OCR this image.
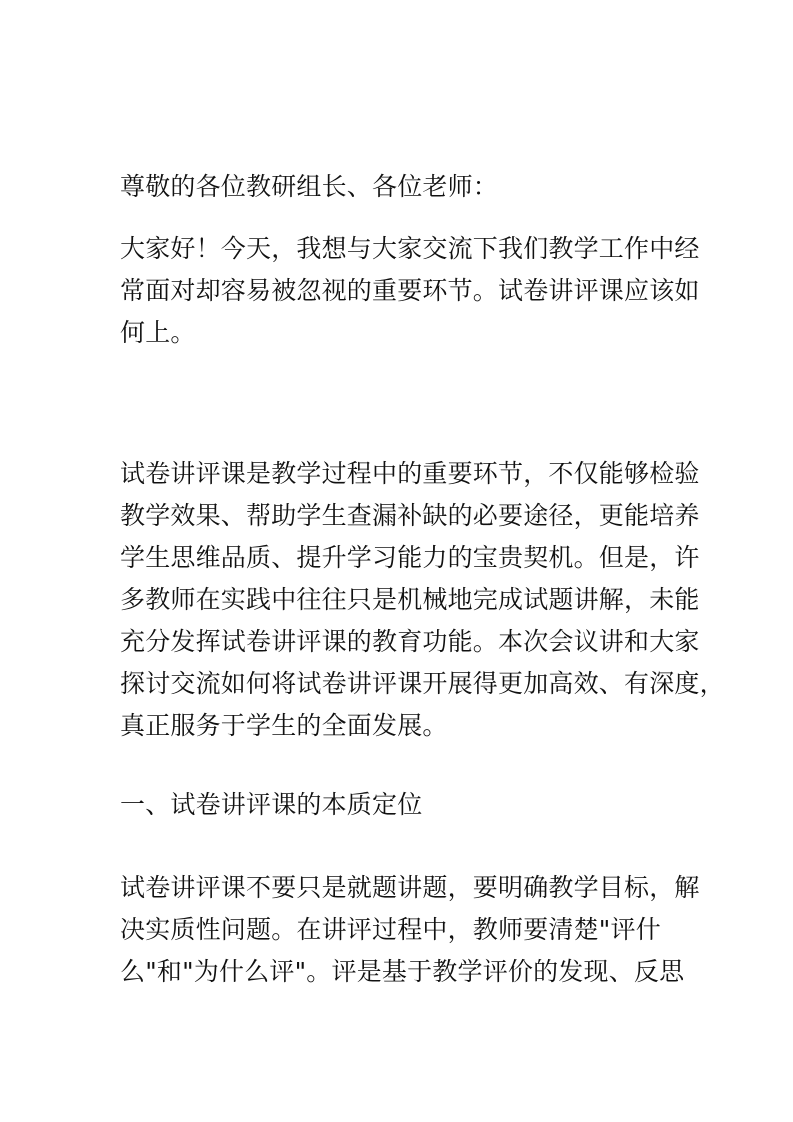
尊敬的各位教研组长、各位老师：

大家好！今天，我想与大家交流下我们教学工作中经
常面对却容易被忽视的重要环节。试卷讲评课应该如
何上。

试卷讲评课是教学过程中的重要环节，不仅能够检验
教学效果、帮助学生查漏补缺的必要途径，更能培养
学生思维品质、提升学习能力的宝贵契机。但是，许
多教师在实践中往往只是机械地完成试题讲解，未能
充分发挥试卷讲评课的教育功能。本次会议讲和大家
探讨交流如何将试卷讲评课开展得更加高效、有深度，
真正服务于学生的全面发展。

一、试卷讲评课的本质定位

试卷讲评课不要只是就题讲题，要明确教学目标，解
决实质性问题。在讲评过程中，教师要清楚"评什
么"和"为什么评"。评是基于教学评价的发现、反思
